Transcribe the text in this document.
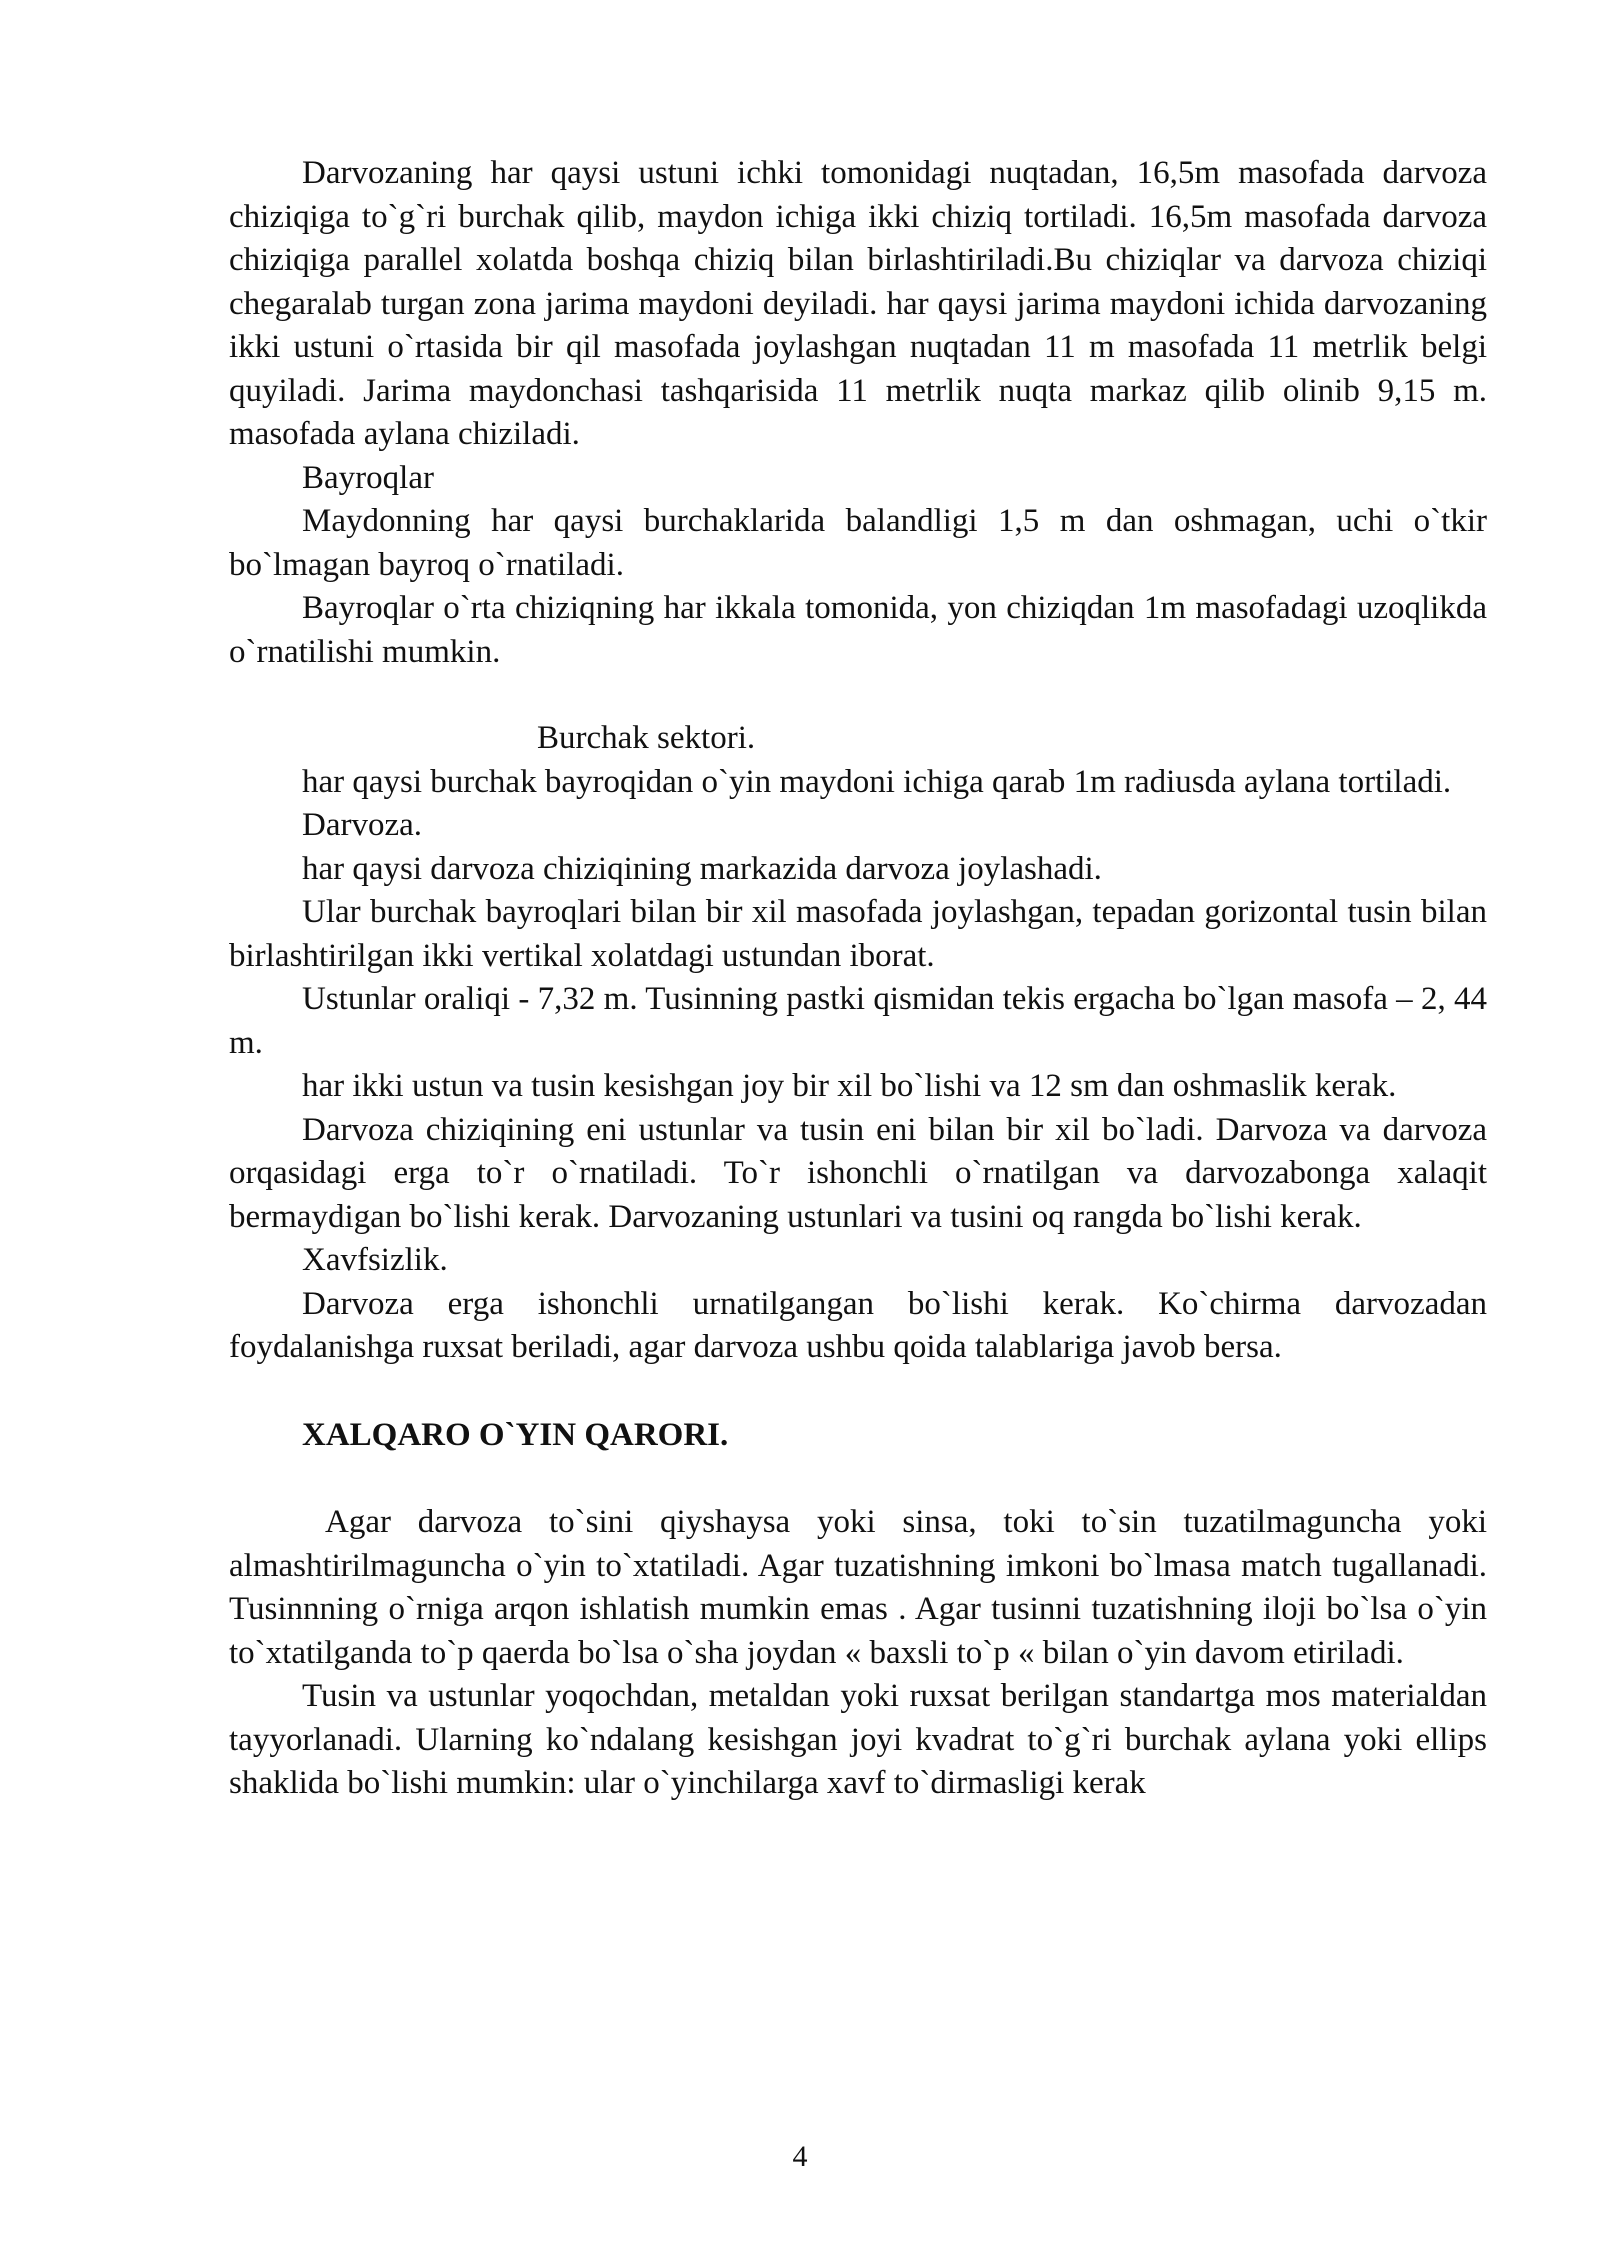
Darvozaning har qaysi ustuni ichki tomonidagi nuqtadan, 16,5m masofada darvoza chiziqiga to`g`ri burchak qilib, maydon ichiga ikki chiziq tortiladi. 16,5m masofada darvoza chiziqiga parallel xolatda boshqa chiziq bilan birlashtiriladi.Bu chiziqlar va darvoza chiziqi chegaralab turgan zona jarima maydoni deyiladi. har qaysi jarima maydoni ichida darvozaning ikki ustuni o`rtasida bir qil masofada joylashgan nuqtadan 11 m masofada 11 metrlik belgi quyiladi. Jarima maydonchasi tashqarisida 11 metrlik nuqta markaz qilib olinib 9,15 m. masofada aylana chiziladi.

Bayroqlar

Maydonning har qaysi burchaklarida balandligi 1,5 m dan oshmagan, uchi o`tkir bo`lmagan bayroq o`rnatiladi.

Bayroqlar o`rta chiziqning har ikkala tomonida, yon chiziqdan 1m masofadagi uzoqlikda o`rnatilishi mumkin.

Burchak sektori.

har qaysi burchak bayroqidan o`yin maydoni ichiga qarab 1m radiusda aylana tortiladi.

Darvoza.

har qaysi darvoza chiziqining markazida darvoza joylashadi.

Ular burchak bayroqlari bilan bir xil masofada joylashgan, tepadan gorizontal tusin bilan birlashtirilgan ikki vertikal xolatdagi ustundan iborat.

Ustunlar oraliqi - 7,32 m. Tusinning pastki qismidan tekis ergacha bo`lgan masofa – 2, 44 m.

har ikki ustun va tusin kesishgan joy bir xil bo`lishi va 12 sm dan oshmaslik kerak.

Darvoza chiziqining eni ustunlar va tusin eni bilan bir xil bo`ladi. Darvoza va darvoza orqasidagi erga to`r o`rnatiladi. To`r ishonchli o`rnatilgan va darvozabonga xalaqit bermaydigan bo`lishi kerak. Darvozaning ustunlari va tusini oq rangda bo`lishi kerak.

Xavfsizlik.

Darvoza erga ishonchli urnatilgangan bo`lishi kerak. Ko`chirma darvozadan foydalanishga ruxsat beriladi, agar darvoza ushbu qoida talablariga javob bersa.

XALQARO O`YIN QARORI.

Agar darvoza to`sini qiyshaysa yoki sinsa, toki to`sin tuzatilmaguncha yoki almashtirilmaguncha o`yin to`xtatiladi. Agar tuzatishning imkoni bo`lmasa match tugallanadi. Tusinnning o`rniga arqon ishlatish mumkin emas . Agar tusinni tuzatishning iloji bo`lsa o`yin to`xtatilganda to`p qaerda bo`lsa o`sha joydan « baxsli to`p « bilan o`yin davom etiriladi.

Tusin va ustunlar yoqochdan, metaldan yoki ruxsat berilgan standartga mos materialdan tayyorlanadi. Ularning ko`ndalang kesishgan joyi kvadrat to`g`ri burchak aylana yoki ellips shaklida bo`lishi mumkin: ular o`yinchilarga xavf to`dirmasligi kerak

4
